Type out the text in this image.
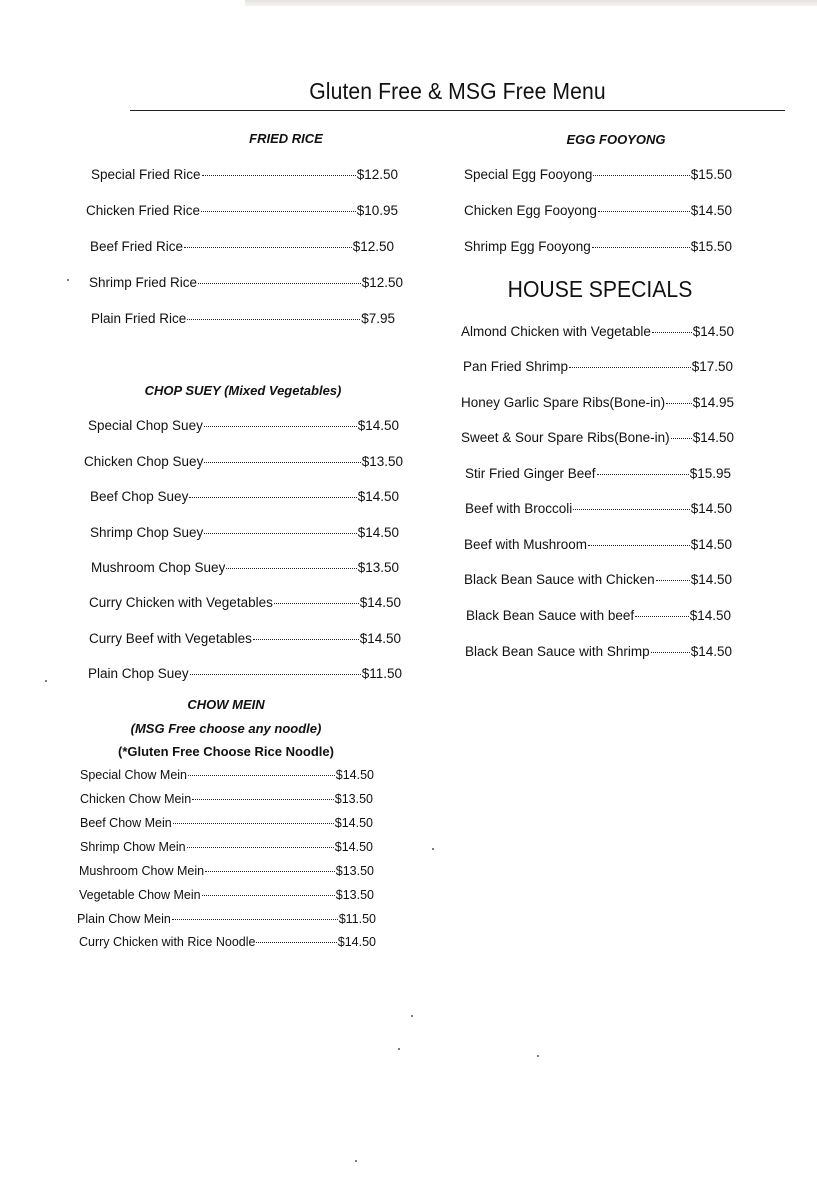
Gluten Free & MSG Free Menu
FRIED RICE
Special Fried Rice	$12.50
Chicken Fried Rice	$10.95
Beef Fried Rice	$12.50
Shrimp Fried Rice	$12.50
Plain Fried Rice	$7.95
CHOP SUEY (Mixed Vegetables)
Special Chop Suey	$14.50
Chicken Chop Suey	$13.50
Beef Chop Suey	$14.50
Shrimp Chop Suey	$14.50
Mushroom Chop Suey	$13.50
Curry Chicken with Vegetables	$14.50
Curry Beef with Vegetables	$14.50
Plain Chop Suey	$11.50
CHOW MEIN
(MSG Free choose any noodle)
(*Gluten Free Choose Rice Noodle)
Special Chow Mein	$14.50
Chicken Chow Mein	$13.50
Beef Chow Mein	$14.50
Shrimp Chow Mein	$14.50
Mushroom Chow Mein	$13.50
Vegetable Chow Mein	$13.50
Plain Chow Mein	$11.50
Curry Chicken with Rice Noodle	$14.50
EGG FOOYONG
Special Egg Fooyong	$15.50
Chicken Egg Fooyong	$14.50
Shrimp Egg Fooyong	$15.50
HOUSE SPECIALS
Almond Chicken with Vegetable	$14.50
Pan Fried Shrimp	$17.50
Honey Garlic Spare Ribs(Bone-in) $14.95
Sweet & Sour Spare Ribs(Bone-in) $14.50
Stir Fried Ginger Beef	$15.95
Beef with Broccoli	$14.50
Beef with Mushroom	$14.50
Black Bean Sauce with Chicken	$14.50
Black Bean Sauce with beef	$14.50
Black Bean Sauce with Shrimp	$14.50
